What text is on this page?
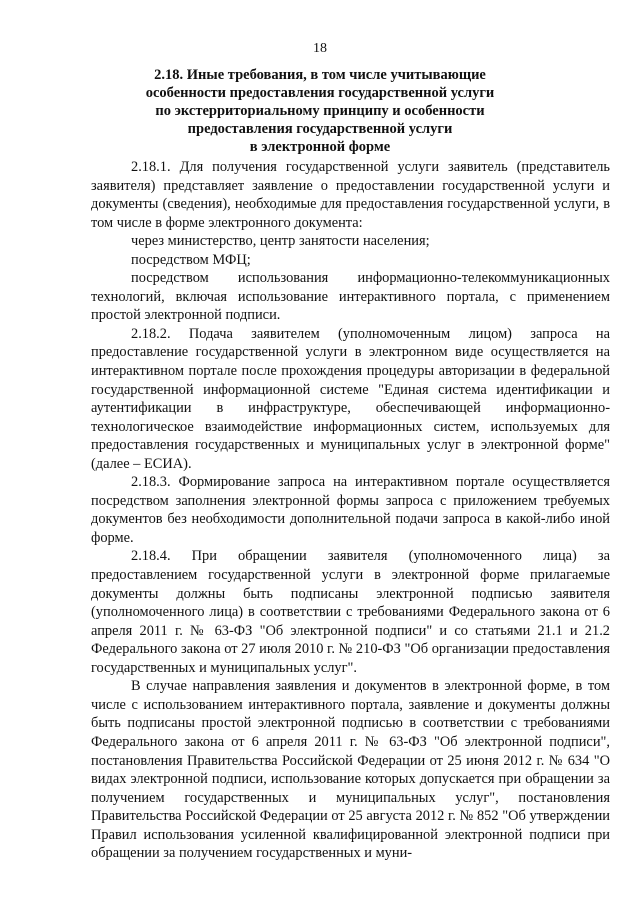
18
2.18. Иные требования, в том числе учитывающие
особенности предоставления государственной услуги
по экстерриториальному принципу и особенности
предоставления государственной услуги
в электронной форме

2.18.1. Для получения государственной услуги заявитель (представитель заявителя) представляет заявление о предоставлении государственной услуги и документы (сведения), необходимые для предоставления государственной услуги, в том числе в форме электронного документа:

через министерство, центр занятости населения;

посредством МФЦ;

посредством использования информационно-телекоммуникационных технологий, включая использование интерактивного портала, с применением простой электронной подписи.

2.18.2. Подача заявителем (уполномоченным лицом) запроса на предоставление государственной услуги в электронном виде осуществляется на интерактивном портале после прохождения процедуры авторизации в федеральной государственной информационной системе "Единая система идентификации и аутентификации в инфраструктуре, обеспечивающей информационно-технологическое взаимодействие информационных систем, используемых для предоставления государственных и муниципальных услуг в электронной форме" (далее – ЕСИА).

2.18.3. Формирование запроса на интерактивном портале осуществляется посредством заполнения электронной формы запроса с приложением требуемых документов без необходимости дополнительной подачи запроса в какой-либо иной форме.

2.18.4. При обращении заявителя (уполномоченного лица) за предоставлением государственной услуги в электронной форме прилагаемые документы должны быть подписаны электронной подписью заявителя (уполномоченного лица) в соответствии с требованиями Федерального закона от 6 апреля 2011 г. № 63-ФЗ "Об электронной подписи" и со статьями 21.1 и 21.2 Федерального закона от 27 июля 2010 г. № 210-ФЗ "Об организации предоставления государственных и муниципальных услуг".

В случае направления заявления и документов в электронной форме, в том числе с использованием интерактивного портала, заявление и документы должны быть подписаны простой электронной подписью в соответствии с требованиями Федерального закона от 6 апреля 2011 г. № 63-ФЗ "Об электронной подписи", постановления Правительства Российской Федерации от 25 июня 2012 г. № 634 "О видах электронной подписи, использование которых допускается при обращении за получением государственных и муниципальных услуг", постановления Правительства Российской Федерации от 25 августа 2012 г. № 852 "Об утверждении Правил использования усиленной квалифицированной электронной подписи при обращении за получением государственных и муни-
